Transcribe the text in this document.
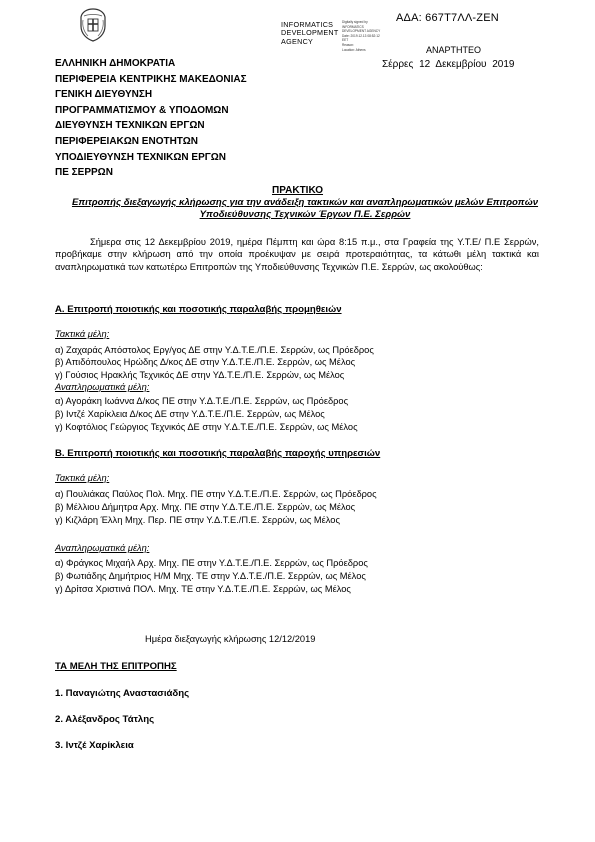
ΑΔΑ: 667Τ7ΛΛ-ΖΕΝ
INFORMATICS
DEVELOPMENT
AGENCY
Digitally signed by
INFORMATICS
DEVELOPMENT AGENCY
Date: 2019.12.13 08:52:12
EET
Reason:
Location: Athens	ΑΝΑΡΤΗΤΕΟ
Σέρρες 12 Δεκεμβρίου 2019
ΕΛΛΗΝΙΚΗ ΔΗΜΟΚΡΑΤΙΑ
ΠΕΡΙΦΕΡΕΙΑ ΚΕΝΤΡΙΚΗΣ ΜΑΚΕΔΟΝΙΑΣ
ΓΕΝΙΚΗ ΔΙΕΥΘΥΝΣΗ
ΠΡΟΓΡΑΜΜΑΤΙΣΜΟΥ & ΥΠΟΔΟΜΩΝ
ΔΙΕΥΘΥΝΣΗ ΤΕΧΝΙΚΩΝ ΕΡΓΩΝ
ΠΕΡΙΦΕΡΕΙΑΚΩΝ ΕΝΟΤΗΤΩΝ
ΥΠΟΔΙΕΥΘΥΝΣΗ ΤΕΧΝΙΚΩΝ ΕΡΓΩΝ
ΠΕ ΣΕΡΡΩΝ
ΠΡΑΚΤΙΚΟ
Επιτροπής διεξαγωγής κλήρωσης για την ανάδειξη τακτικών και αναπληρωματικών μελών Επιτροπών Υποδιεύθυνσης Τεχνικών Έργων Π.Ε. Σερρών
Σήμερα στις 12 Δεκεμβρίου 2019, ημέρα Πέμπτη και ώρα 8:15 π.μ., στα Γραφεία της Υ.Τ.Ε/ Π.Ε Σερρών, προβήκαμε στην κλήρωση από την οποία προέκυψαν με σειρά προτεραιότητας, τα κάτωθι μέλη τακτικά και αναπληρωματικά των κατωτέρω Επιτροπών της Υποδιεύθυνσης Τεχνικών Π.Ε. Σερρών, ως ακολούθως:
Α. Επιτροπή ποιοτικής και ποσοτικής παραλαβής προμηθειών
Τακτικά μέλη:
α) Ζαχαράς Απόστολος Εργ/γος ΔΕ στην Υ.Δ.Τ.Ε./Π.Ε. Σερρών, ως Πρόεδρος
β) Απιδόπουλος Ηρώδης Δ/κος ΔΕ στην Υ.Δ.Τ.Ε./Π.Ε. Σερρών, ως Μέλος
γ) Γούσιος Ηρακλής Τεχνικός ΔΕ στην ΥΔ.Τ.Ε./Π.Ε. Σερρών, ως Μέλος
Αναπληρωματικά μέλη:
α) Αγοράκη Ιωάννα Δ/κος ΠΕ στην Υ.Δ.Τ.Ε./Π.Ε. Σερρών, ως Πρόεδρος
β) Ιντζέ Χαρίκλεια Δ/κος ΔΕ στην Υ.Δ.Τ.Ε./Π.Ε. Σερρών, ως Μέλος
γ) Κοφτόλιος Γεώργιος Τεχνικός ΔΕ στην Υ.Δ.Τ.Ε./Π.Ε. Σερρών, ως Μέλος
Β. Επιτροπή ποιοτικής και ποσοτικής παραλαβής παροχής υπηρεσιών
Τακτικά μέλη:
α) Πουλιάκας Παύλος Πολ. Μηχ. ΠΕ στην Υ.Δ.Τ.Ε./Π.Ε. Σερρών, ως Πρόεδρος
β) Μέλλιου Δήμητρα Αρχ. Μηχ. ΠΕ στην Υ.Δ.Τ.Ε./Π.Ε. Σερρών, ως Μέλος
γ) Κιζλάρη Έλλη Μηχ. Περ. ΠΕ στην Υ.Δ.Τ.Ε./Π.Ε. Σερρών, ως Μέλος
Αναπληρωματικά μέλη:
α) Φράγκος Μιχαήλ Αρχ. Μηχ. ΠΕ στην Υ.Δ.Τ.Ε./Π.Ε. Σερρών, ως Πρόεδρος
β) Φωτιάδης Δημήτριος Η/Μ Μηχ. ΤΕ στην Υ.Δ.Τ.Ε./Π.Ε. Σερρών, ως Μέλος
γ) Δρίτσα Χριστινά ΠΟΛ. Μηχ. ΤΕ στην Υ.Δ.Τ.Ε./Π.Ε. Σερρών, ως Μέλος
Ημέρα διεξαγωγής κλήρωσης 12/12/2019
ΤΑ ΜΕΛΗ ΤΗΣ ΕΠΙΤΡΟΠΗΣ
1. Παναγιώτης Αναστασιάδης
2. Αλέξανδρος Τάτλης
3. Ιντζέ Χαρίκλεια
